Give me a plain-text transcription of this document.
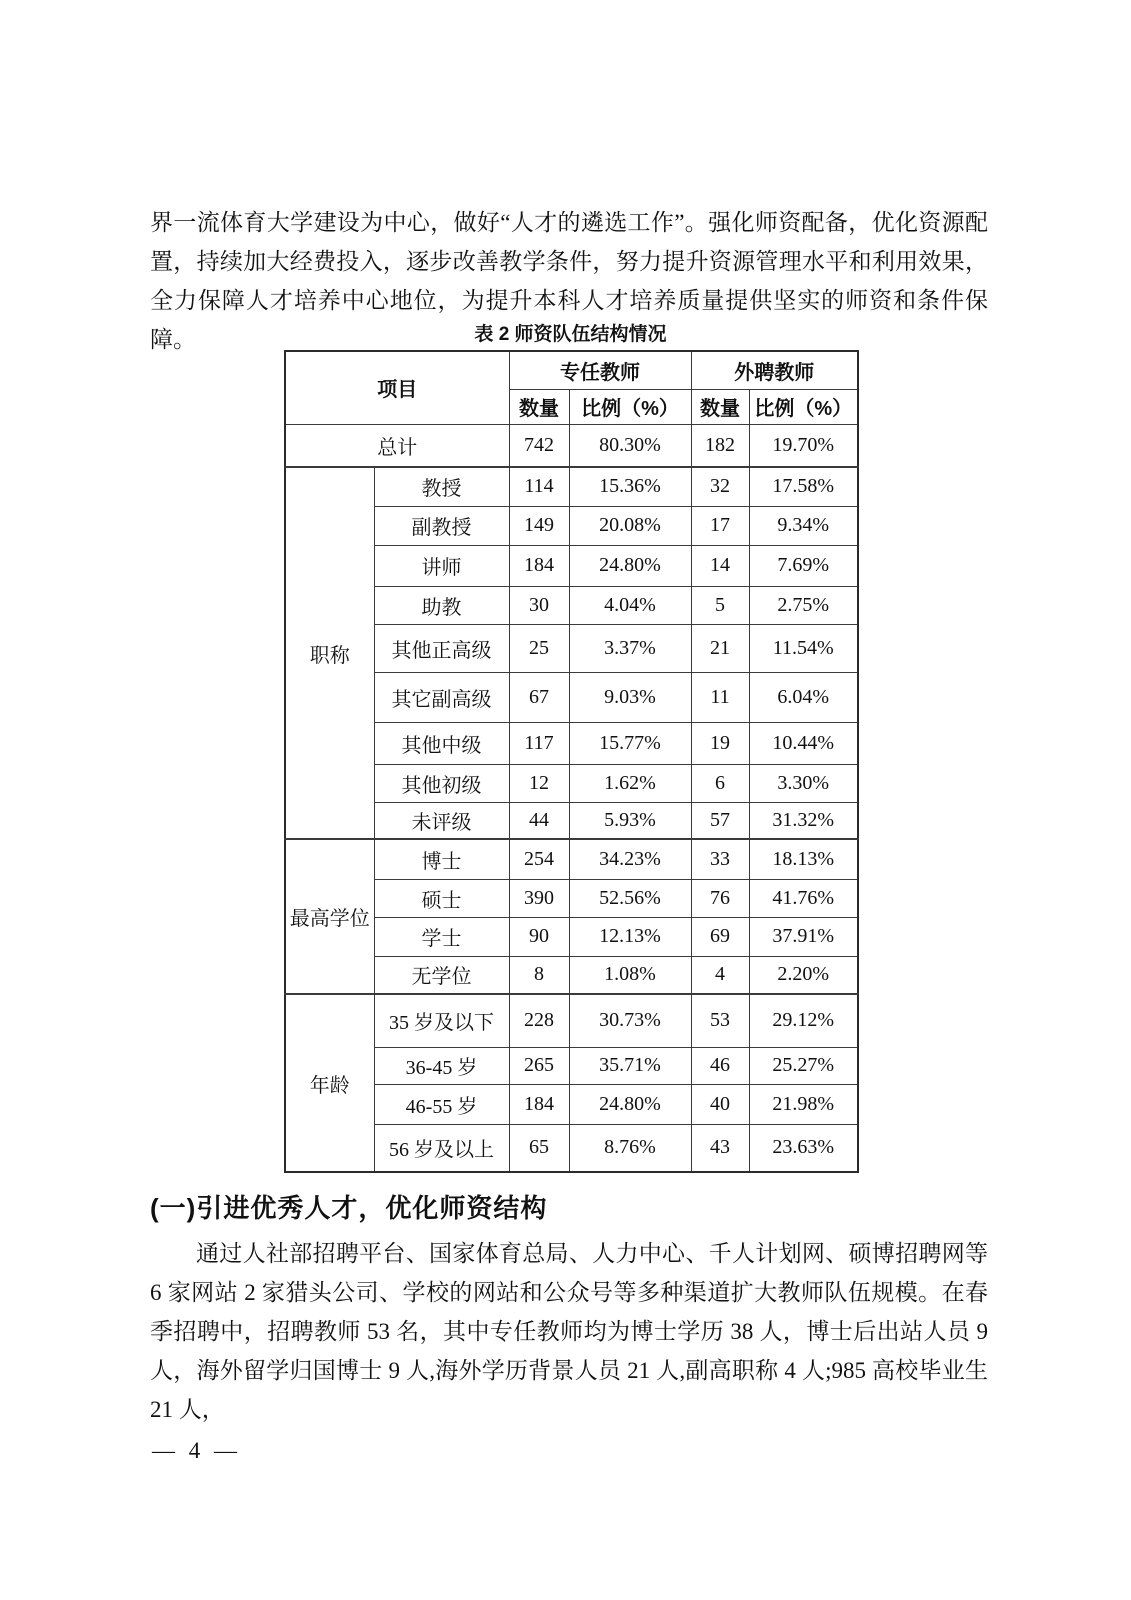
界一流体育大学建设为中心，做好“人才的遴选工作”。强化师资配备，优化资源配置，持续加大经费投入，逐步改善教学条件，努力提升资源管理水平和利用效果，全力保障人才培养中心地位，为提升本科人才培养质量提供坚实的师资和条件保障。	表 2 师资队伍结构情况
项目		专任教师		外聘教师	
		数量	比例（%）	数量	比例（%）
总计		742	80.30%	182	19.70%
职称	教授	114	15.36%	32	17.58%
	副教授	149	20.08%	17	9.34%
	讲师	184	24.80%	14	7.69%
	助教	30	4.04%	5	2.75%
	其他正高级	25	3.37%	21	11.54%
	其它副高级	67	9.03%	11	6.04%
	其他中级	117	15.77%	19	10.44%
	其他初级	12	1.62%	6	3.30%
	未评级	44	5.93%	57	31.32%
最高学位	博士	254	34.23%	33	18.13%
	硕士	390	52.56%	76	41.76%
	学士	90	12.13%	69	37.91%
	无学位	8	1.08%	4	2.20%
年龄	35 岁及以下	228	30.73%	53	29.12%
	36-45 岁	265	35.71%	46	25.27%
	46-55 岁	184	24.80%	40	21.98%
	56 岁及以上	65	8.76%	43	23.63%
(一)引进优秀人才，优化师资结构

通过人社部招聘平台、国家体育总局、人力中心、千人计划网、硕博招聘网等 6 家网站 2 家猎头公司、学校的网站和公众号等多种渠道扩大教师队伍规模。在春季招聘中，招聘教师 53 名，其中专任教师均为博士学历 38 人，博士后出站人员 9 人，海外留学归国博士 9 人,海外学历背景人员 21 人,副高职称 4 人;985 高校毕业生 21 人，

— 4 —
